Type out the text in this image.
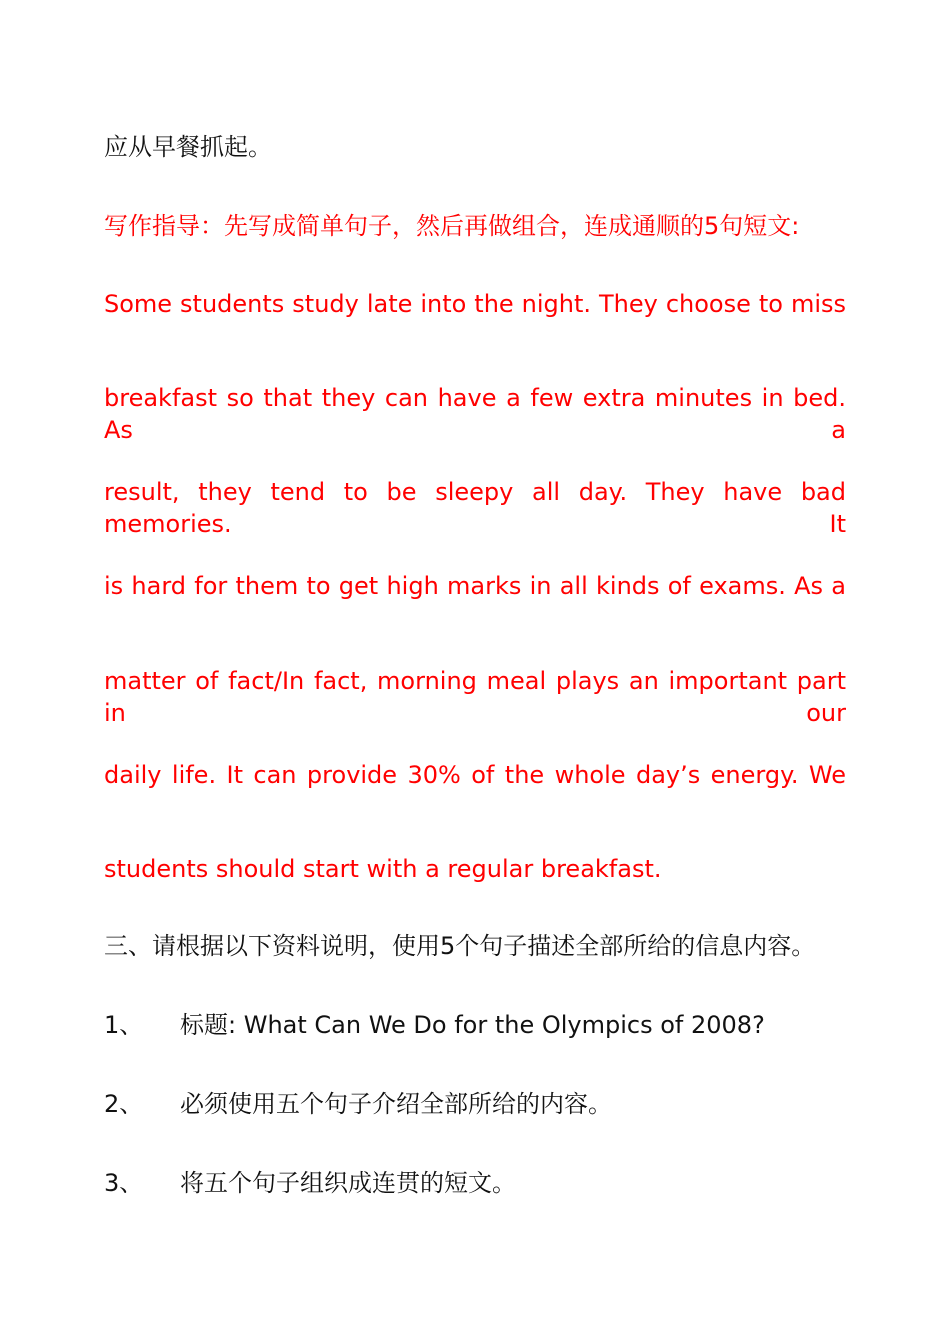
应从早餐抓起。
写作指导：先写成简单句子，然后再做组合，连成通顺的5句短文:
Some students study late into the night. They choose to miss
breakfast so that they can have a few extra minutes in bed. As a
result, they tend to be sleepy all day. They have bad memories. It
is hard for them to get high marks in all kinds of exams. As a
matter of fact/In fact, morning meal plays an important part in our
daily life. It can provide 30% of the whole day’s energy. We
students should start with a regular breakfast.
三、请根据以下资料说明，使用5个句子描述全部所给的信息内容。
1、 标题: What Can We Do for the Olympics of 2008?
2、 必须使用五个句子介绍全部所给的内容。
3、 将五个句子组织成连贯的短文。
